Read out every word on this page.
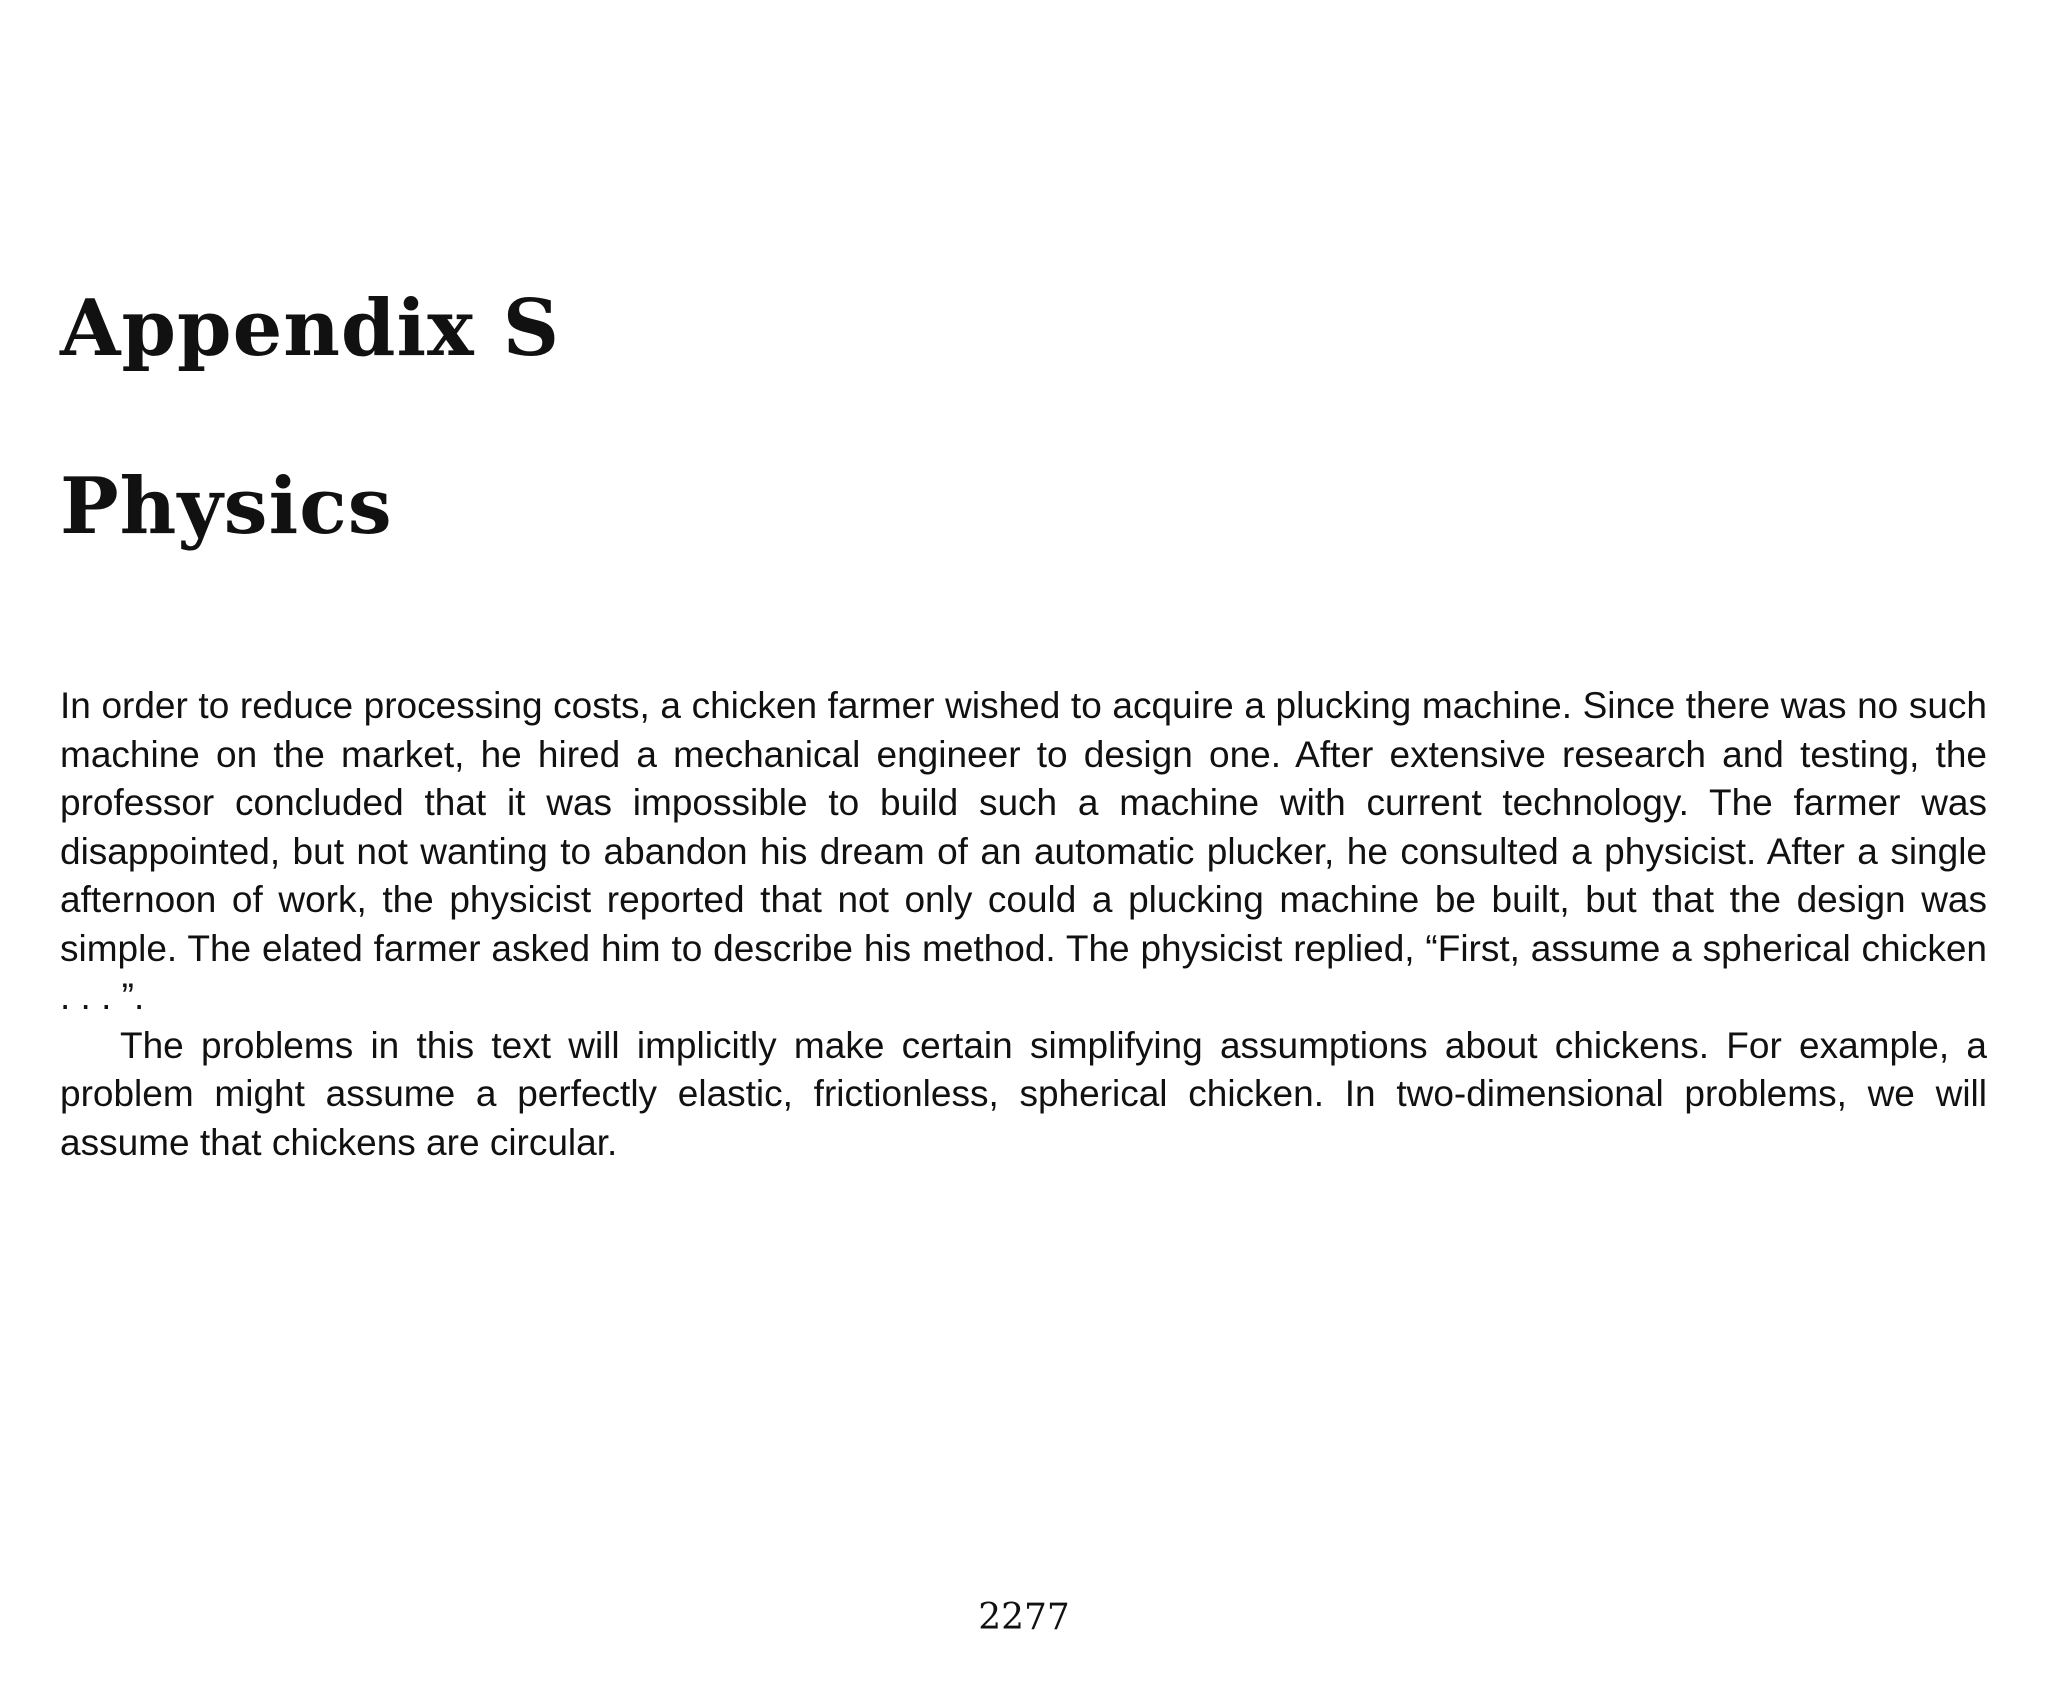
Appendix S
Physics

In order to reduce processing costs, a chicken farmer wished to acquire a plucking machine. Since there was no such machine on the market, he hired a mechanical engineer to design one. After extensive research and testing, the professor concluded that it was impossible to build such a machine with current technology. The farmer was disappointed, but not wanting to abandon his dream of an automatic plucker, he consulted a physicist. After a single afternoon of work, the physicist reported that not only could a plucking machine be built, but that the design was simple. The elated farmer asked him to describe his method. The physicist replied, “First, assume a spherical chicken . . . ”.

The problems in this text will implicitly make certain simplifying assumptions about chickens. For example, a problem might assume a perfectly elastic, frictionless, spherical chicken. In two-dimensional problems, we will assume that chickens are circular.

2277
